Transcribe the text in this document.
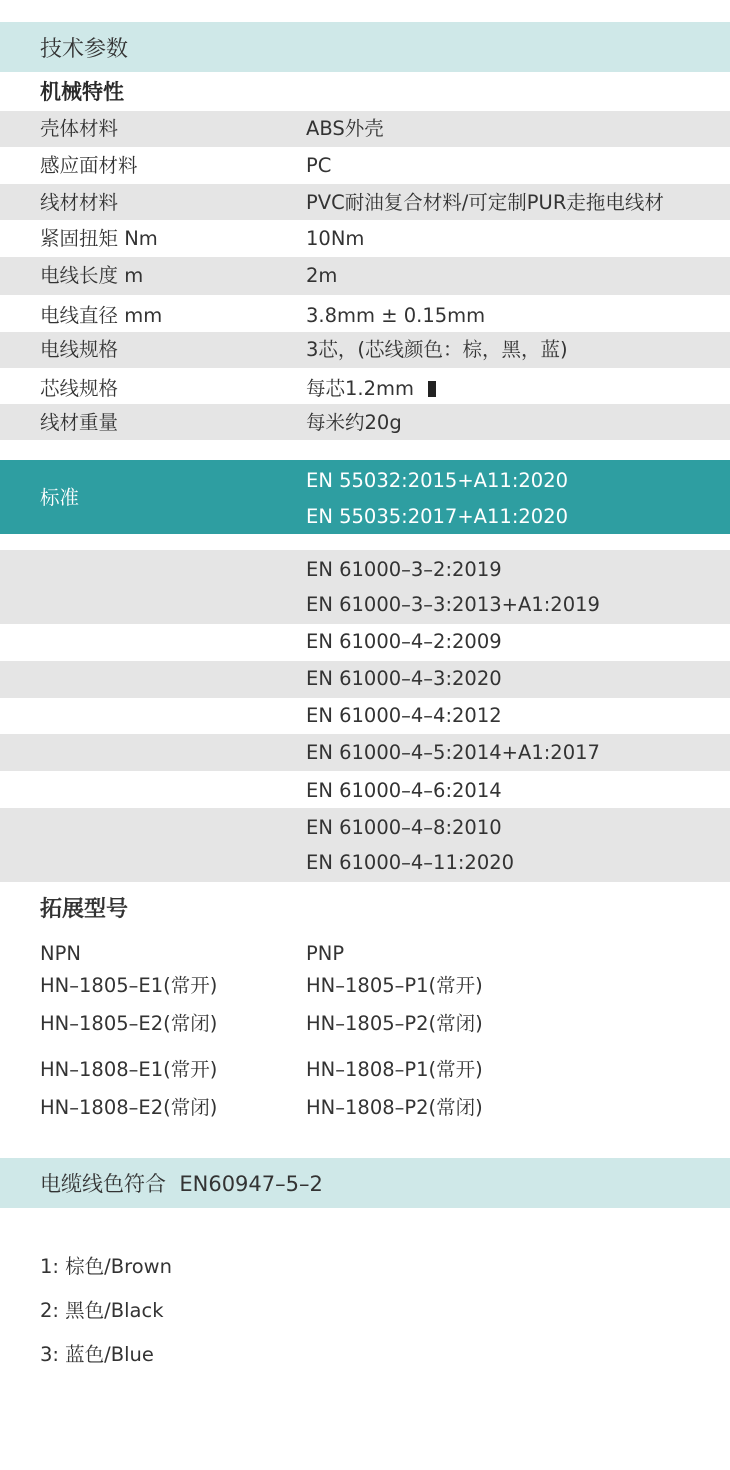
技术参数
机械特性
壳体材料	ABS外壳
感应面材料	PC
线材材料	PVC耐油复合材料/可定制PUR走拖电线材
紧固扭矩 Nm	10Nm
电线长度 m	2m
电线直径 mm	3.8mm ± 0.15mm
电线规格	3芯，(芯线颜色：棕，黑，蓝)
芯线规格	每芯1.2mm
线材重量	每米约20g
标准
EN 55032:2015+A11:2020
EN 55035:2017+A11:2020
EN 61000–3–2:2019
EN 61000–3–3:2013+A1:2019
EN 61000–4–2:2009
EN 61000–4–3:2020
EN 61000–4–4:2012
EN 61000–4–5:2014+A1:2017
EN 61000–4–6:2014
EN 61000–4–8:2010
EN 61000–4–11:2020
拓展型号
NPN	PNP
HN–1805–E1(常开)	HN–1805–P1(常开)
HN–1805–E2(常闭)	HN–1805–P2(常闭)
HN–1808–E1(常开)	HN–1808–P1(常开)
HN–1808–E2(常闭)	HN–1808–P2(常闭)
电缆线色符合  EN60947–5–2
1: 棕色/Brown
2: 黑色/Black
3: 蓝色/Blue
